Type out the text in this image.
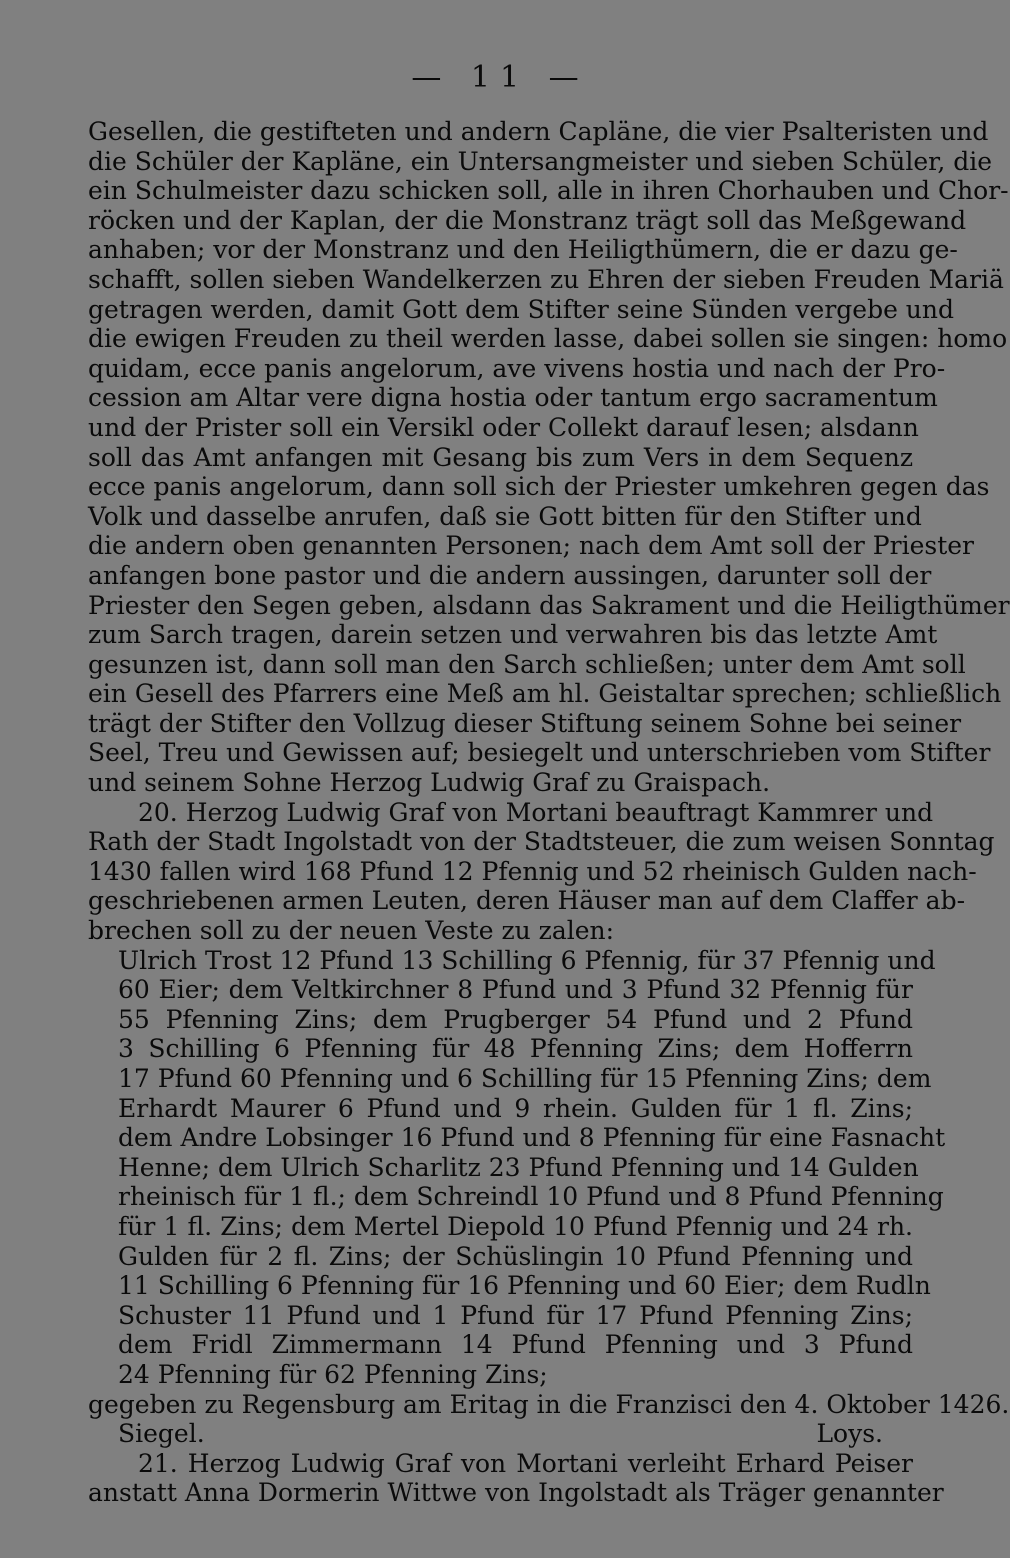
— 11 —
Gesellen, die gestifteten und andern Capläne, die vier Psalteristen und
die Schüler der Kapläne, ein Untersangmeister und sieben Schüler, die
ein Schulmeister dazu schicken soll, alle in ihren Chorhauben und Chor-
röcken und der Kaplan, der die Monstranz trägt soll das Meßgewand
anhaben; vor der Monstranz und den Heiligthümern, die er dazu ge-
schafft, sollen sieben Wandelkerzen zu Ehren der sieben Freuden Mariä
getragen werden, damit Gott dem Stifter seine Sünden vergebe und
die ewigen Freuden zu theil werden lasse, dabei sollen sie singen: homo
quidam, ecce panis angelorum, ave vivens hostia und nach der Pro-
cession am Altar vere digna hostia oder tantum ergo sacramentum
und der Prister soll ein Versikl oder Collekt darauf lesen; alsdann
soll das Amt anfangen mit Gesang bis zum Vers in dem Sequenz
ecce panis angelorum, dann soll sich der Priester umkehren gegen das
Volk und dasselbe anrufen, daß sie Gott bitten für den Stifter und
die andern oben genannten Personen; nach dem Amt soll der Priester
anfangen bone pastor und die andern aussingen, darunter soll der
Priester den Segen geben, alsdann das Sakrament und die Heiligthümer
zum Sarch tragen, darein setzen und verwahren bis das letzte Amt
gesunzen ist, dann soll man den Sarch schließen; unter dem Amt soll
ein Gesell des Pfarrers eine Meß am hl. Geistaltar sprechen; schließlich
trägt der Stifter den Vollzug dieser Stiftung seinem Sohne bei seiner
Seel, Treu und Gewissen auf; besiegelt und unterschrieben vom Stifter
und seinem Sohne Herzog Ludwig Graf zu Graispach.
20. Herzog Ludwig Graf von Mortani beauftragt Kammrer und
Rath der Stadt Ingolstadt von der Stadtsteuer, die zum weisen Sonntag
1430 fallen wird 168 Pfund 12 Pfennig und 52 rheinisch Gulden nach-
geschriebenen armen Leuten, deren Häuser man auf dem Claffer ab-
brechen soll zu der neuen Veste zu zalen:
Ulrich Trost 12 Pfund 13 Schilling 6 Pfennig, für 37 Pfennig und
60 Eier; dem Veltkirchner 8 Pfund und 3 Pfund 32 Pfennig für
55 Pfenning Zins; dem Prugberger 54 Pfund und 2 Pfund
3 Schilling 6 Pfenning für 48 Pfenning Zins; dem Hofferrn
17 Pfund 60 Pfenning und 6 Schilling für 15 Pfenning Zins; dem
Erhardt Maurer 6 Pfund und 9 rhein. Gulden für 1 fl. Zins;
dem Andre Lobsinger 16 Pfund und 8 Pfenning für eine Fasnacht
Henne; dem Ulrich Scharlitz 23 Pfund Pfenning und 14 Gulden
rheinisch für 1 fl.; dem Schreindl 10 Pfund und 8 Pfund Pfenning
für 1 fl. Zins; dem Mertel Diepold 10 Pfund Pfennig und 24 rh.
Gulden für 2 fl. Zins; der Schüslingin 10 Pfund Pfenning und
11 Schilling 6 Pfenning für 16 Pfenning und 60 Eier; dem Rudln
Schuster 11 Pfund und 1 Pfund für 17 Pfund Pfenning Zins;
dem Fridl Zimmermann 14 Pfund Pfenning und 3 Pfund
24 Pfenning für 62 Pfenning Zins;
gegeben zu Regensburg am Eritag in die Franzisci den 4. Oktober 1426.
Siegel.	Loys.
21. Herzog Ludwig Graf von Mortani verleiht Erhard Peiser
anstatt Anna Dormerin Wittwe von Ingolstadt als Träger genannter
